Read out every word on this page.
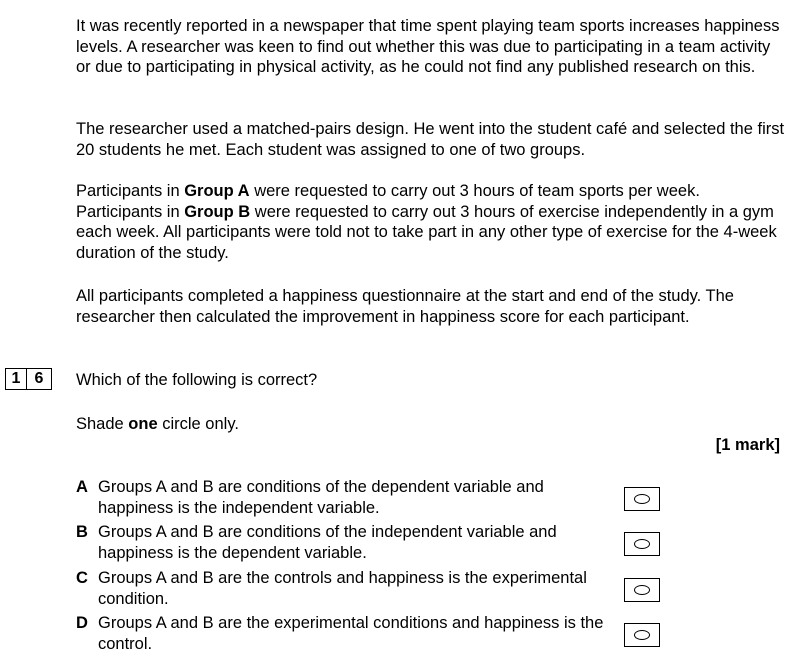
It was recently reported in a newspaper that time spent playing team sports increases happiness levels. A researcher was keen to find out whether this was due to participating in a team activity or due to participating in physical activity, as he could not find any published research on this.

The researcher used a matched-pairs design. He went into the student café and selected the first 20 students he met. Each student was assigned to one of two groups.

Participants in Group A were requested to carry out 3 hours of team sports per week.
Participants in Group B were requested to carry out 3 hours of exercise independently in a gym each week. All participants were told not to take part in any other type of exercise for the 4-week duration of the study.

All participants completed a happiness questionnaire at the start and end of the study. The researcher then calculated the improvement in happiness score for each participant.

1 6	Which of the following is correct?

Shade one circle only.

[1 mark]

A Groups A and B are conditions of the dependent variable and happiness is the independent variable.
B Groups A and B are conditions of the independent variable and happiness is the dependent variable.
C Groups A and B are the controls and happiness is the experimental condition.
D Groups A and B are the experimental conditions and happiness is the control.
